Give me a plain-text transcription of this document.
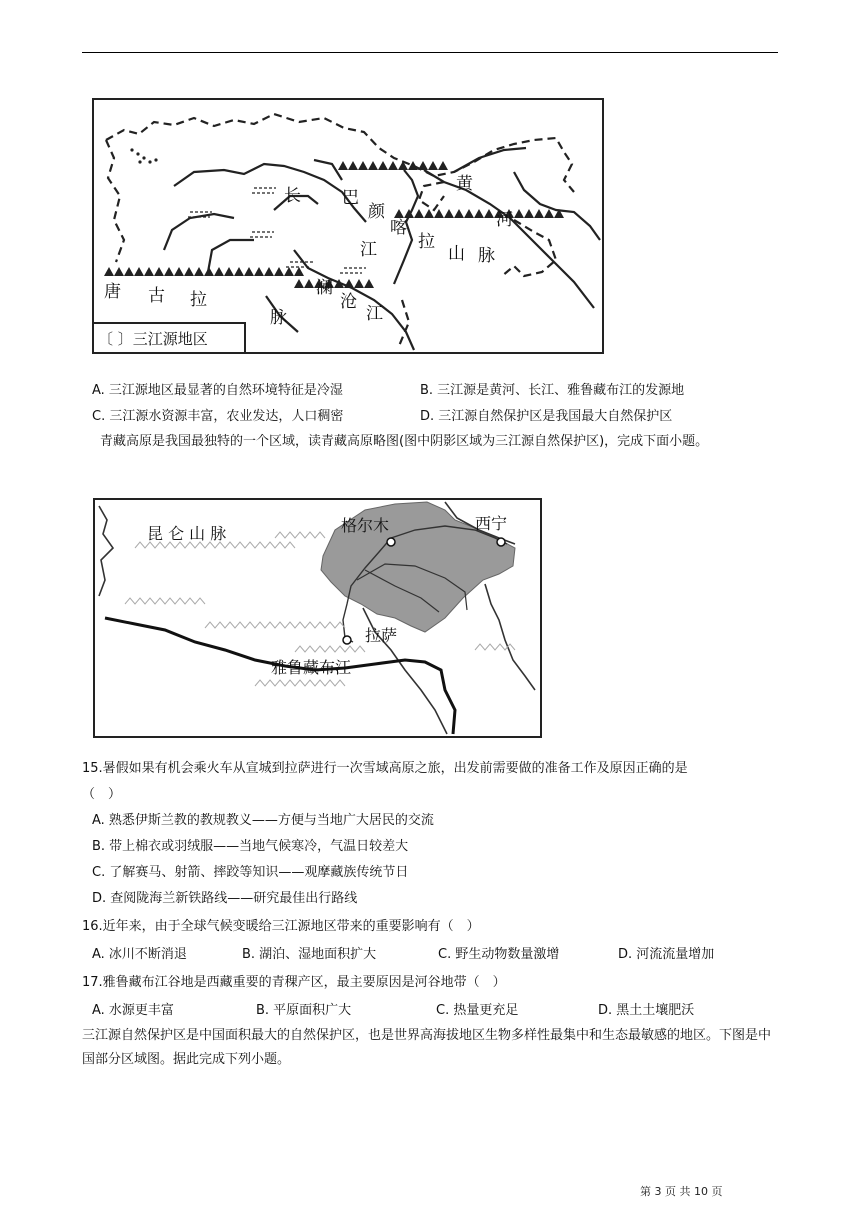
黄
河
长 巴
颜
喀
拉
山 脉
江
唐 古 拉
脉
澜
沧
江
〔 〕三江源地区
A. 三江源地区最显著的自然环境特征是冷湿	B. 三江源是黄河、长江、雅鲁藏布江的发源地
C. 三江源水资源丰富，农业发达，人口稠密	D. 三江源自然保护区是我国最大自然保护区
青藏高原是我国最独特的一个区域，读青藏高原略图(图中阴影区域为三江源自然保护区)，完成下面小题。
昆 仑 山 脉	格尔木	西宁
拉萨
雅鲁藏布江
15.暑假如果有机会乘火车从宣城到拉萨进行一次雪域高原之旅，出发前需要做的准备工作及原因正确的是
（　）
A. 熟悉伊斯兰教的教规教义——方便与当地广大居民的交流
B. 带上棉衣或羽绒服——当地气候寒冷，气温日较差大
C. 了解赛马、射箭、摔跤等知识——观摩藏族传统节日
D. 查阅陇海兰新铁路线——研究最佳出行路线
16.近年来，由于全球气候变暖给三江源地区带来的重要影响有（　）
A. 冰川不断消退	B. 湖泊、湿地面积扩大	C. 野生动物数量激增	D. 河流流量增加
17.雅鲁藏布江谷地是西藏重要的青稞产区，最主要原因是河谷地带（　）
A. 水源更丰富	B. 平原面积广大	C. 热量更充足	D. 黑土土壤肥沃
三江源自然保护区是中国面积最大的自然保护区，也是世界高海拔地区生物多样性最集中和生态最敏感的地区。下图是中国部分区域图。据此完成下列小题。
第 3 页 共 10 页
